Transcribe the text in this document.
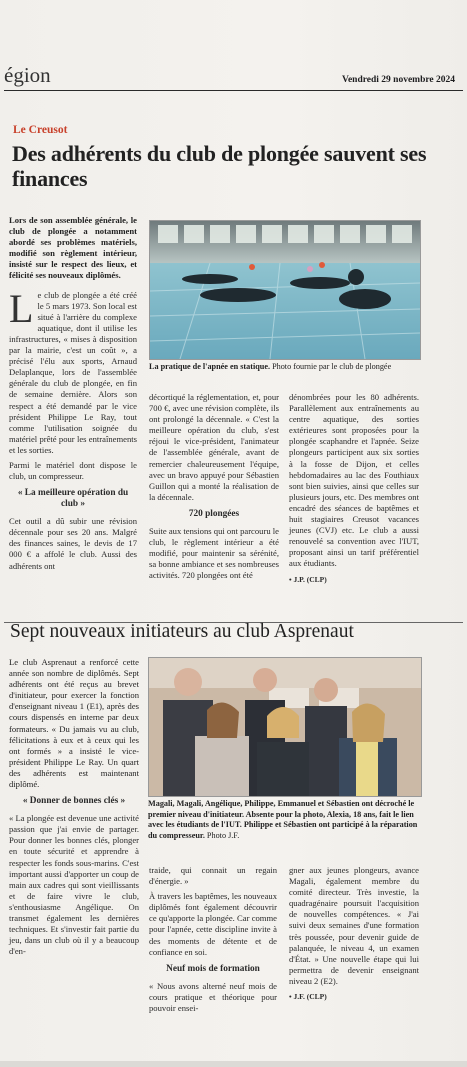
égion	Vendredi 29 novembre 2024
Le Creusot
Des adhérents du club de plongée sauvent ses finances

Lors de son assemblée générale, le club de plongée a notamment abordé ses problèmes matériels, modifié son règlement intérieur, insisté sur le respect des lieux, et félicité ses nouveaux diplômés.

L e club de plongée a été créé le 5 mars 1973. Son local est situé à l'arrière du complexe aquatique, dont il utilise les infrastructures, « mises à disposition par la mairie, c'est un coût », a précisé l'élu aux sports, Arnaud Delaplanque, lors de l'assemblée générale du club de plongée, en fin de semaine dernière. Alors son respect a été demandé par le vice président Philippe Le Ray, tout comme l'utilisation soignée du matériel prêté pour les entraînements et les sorties.

Parmi le matériel dont dispose le club, un compresseur.

« La meilleure opération du club »

Cet outil a dû subir une révision décennale pour ses 20 ans. Malgré des finances saines, le devis de 17 000 € a affolé le club. Aussi des adhérents ont

La pratique de l'apnée en statique. Photo fournie par le club de plongée

décortiqué la réglementation, et, pour 700 €, avec une révision complète, ils ont prolongé la décennale. « C'est la meilleure opération du club, s'est réjoui le vice-président, l'animateur de l'assemblée générale, avant de remercier chaleureusement l'équipe, avec un bravo appuyé pour Sébastien Guillon qui a monté la réalisation de la décennale.

720 plongées

Suite aux tensions qui ont parcouru le club, le règlement intérieur a été modifié, pour maintenir sa sérénité, sa bonne ambiance et ses nombreuses activités. 720 plongées ont été

dénombrées pour les 80 adhérents. Parallèlement aux entraînements au centre aquatique, des sorties extérieures sont proposées pour la plongée scaphandre et l'apnée. Seize plongeurs participent aux six sorties à la fosse de Dijon, et celles hebdomadaires au lac des Fouthiaux sont bien suivies, ainsi que celles sur plusieurs jours, etc. Des membres ont encadré des séances de baptêmes et huit stagiaires Creusot vacances jeunes (CVJ) etc. Le club a aussi renouvelé sa convention avec l'IUT, proposant ainsi un tarif préférentiel aux étudiants.

• J.P. (CLP)

Sept nouveaux initiateurs au club Asprenaut

Le club Asprenaut a renforcé cette année son nombre de diplômés. Sept adhérents ont été reçus au brevet d'initiateur, pour exercer la fonction d'enseignant niveau 1 (E1), après des cours dispensés en interne par deux formateurs. « Du jamais vu au club, félicitations à eux et à ceux qui les ont formés » a insisté le vice-président Philippe Le Ray. Un quart des adhérents est maintenant diplômé.

« Donner de bonnes clés »

« La plongée est devenue une activité passion que j'ai envie de partager. Pour donner les bonnes clés, plonger en toute sécurité et apprendre à respecter les fonds sous-marins. C'est important aussi d'apporter un coup de main aux cadres qui sont vieillissants et de faire vivre le club, s'enthousiasme Angélique. On transmet également les dernières techniques. Et s'investir fait partie du jeu, dans un club où il y a beaucoup d'en-

Magali, Magali, Angélique, Philippe, Emmanuel et Sébastien ont décroché le premier niveau d'initiateur. Absente pour la photo, Alexia, 18 ans, fait le lien avec les étudiants de l'IUT. Philippe et Sébastien ont participé à la réparation du compresseur. Photo J.F.

traide, qui connait un regain d'énergie. »

À travers les baptêmes, les nouveaux diplômés font également découvrir ce qu'apporte la plongée. Car comme pour l'apnée, cette discipline invite à des moments de détente et de confiance en soi.

Neuf mois de formation

« Nous avons alterné neuf mois de cours pratique et théorique pour pouvoir ensei-

gner aux jeunes plongeurs, avance Magali, également membre du comité directeur. Très investie, la quadragénaire poursuit l'acquisition de nouvelles compétences. « J'ai suivi deux semaines d'une formation très poussée, pour devenir guide de palanquée, le niveau 4, un examen d'État. » Une nouvelle étape qui lui permettra de devenir enseignant niveau 2 (E2).

• J.F. (CLP)
